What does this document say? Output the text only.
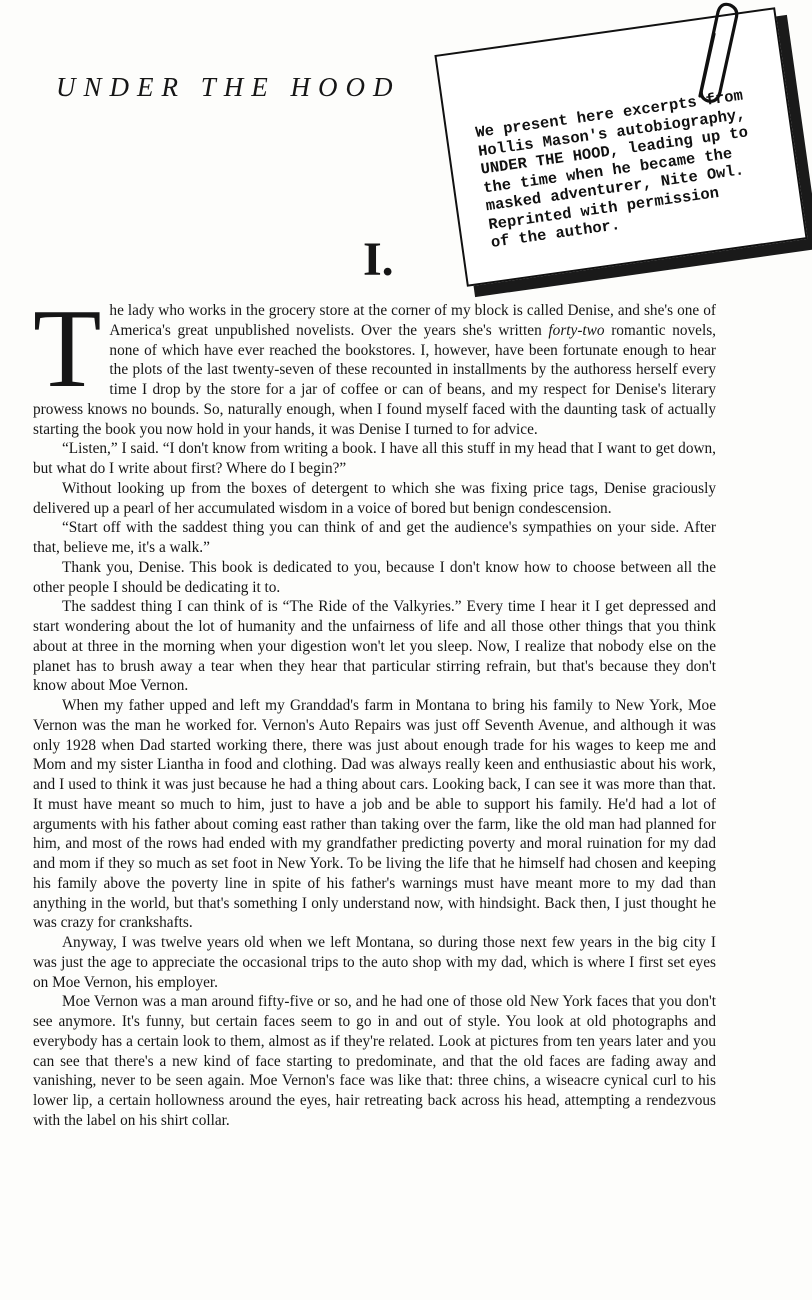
UNDER THE HOOD	We present here excerpts from
Hollis Mason's autobiography,
UNDER THE HOOD, leading up to
the time when he became the
masked adventurer, Nite Owl.
Reprinted with permission
of the author.
I.

The lady who works in the grocery store at the corner of my block is called Denise, and she's one of America's great unpublished novelists. Over the years she's written forty-two romantic novels, none of which have ever reached the bookstores. I, however, have been fortunate enough to hear the plots of the last twenty-seven of these recounted in installments by the authoress herself every time I drop by the store for a jar of coffee or can of beans, and my respect for Denise's literary prowess knows no bounds. So, naturally enough, when I found myself faced with the daunting task of actually starting the book you now hold in your hands, it was Denise I turned to for advice.

“Listen,” I said. “I don't know from writing a book. I have all this stuff in my head that I want to get down, but what do I write about first? Where do I begin?”

Without looking up from the boxes of detergent to which she was fixing price tags, Denise graciously delivered up a pearl of her accumulated wisdom in a voice of bored but benign condescension.

“Start off with the saddest thing you can think of and get the audience's sympathies on your side. After that, believe me, it's a walk.”

Thank you, Denise. This book is dedicated to you, because I don't know how to choose between all the other people I should be dedicating it to.

The saddest thing I can think of is “The Ride of the Valkyries.” Every time I hear it I get depressed and start wondering about the lot of humanity and the unfairness of life and all those other things that you think about at three in the morning when your digestion won't let you sleep. Now, I realize that nobody else on the planet has to brush away a tear when they hear that particular stirring refrain, but that's because they don't know about Moe Vernon.

When my father upped and left my Granddad's farm in Montana to bring his family to New York, Moe Vernon was the man he worked for. Vernon's Auto Repairs was just off Seventh Avenue, and although it was only 1928 when Dad started working there, there was just about enough trade for his wages to keep me and Mom and my sister Liantha in food and clothing. Dad was always really keen and enthusiastic about his work, and I used to think it was just because he had a thing about cars. Looking back, I can see it was more than that. It must have meant so much to him, just to have a job and be able to support his family. He'd had a lot of arguments with his father about coming east rather than taking over the farm, like the old man had planned for him, and most of the rows had ended with my grandfather predicting poverty and moral ruination for my dad and mom if they so much as set foot in New York. To be living the life that he himself had chosen and keeping his family above the poverty line in spite of his father's warnings must have meant more to my dad than anything in the world, but that's something I only understand now, with hindsight. Back then, I just thought he was crazy for crankshafts.

Anyway, I was twelve years old when we left Montana, so during those next few years in the big city I was just the age to appreciate the occasional trips to the auto shop with my dad, which is where I first set eyes on Moe Vernon, his employer.

Moe Vernon was a man around fifty-five or so, and he had one of those old New York faces that you don't see anymore. It's funny, but certain faces seem to go in and out of style. You look at old photographs and everybody has a certain look to them, almost as if they're related. Look at pictures from ten years later and you can see that there's a new kind of face starting to predominate, and that the old faces are fading away and vanishing, never to be seen again. Moe Vernon's face was like that: three chins, a wiseacre cynical curl to his lower lip, a certain hollowness around the eyes, hair retreating back across his head, attempting a rendezvous with the label on his shirt collar.
